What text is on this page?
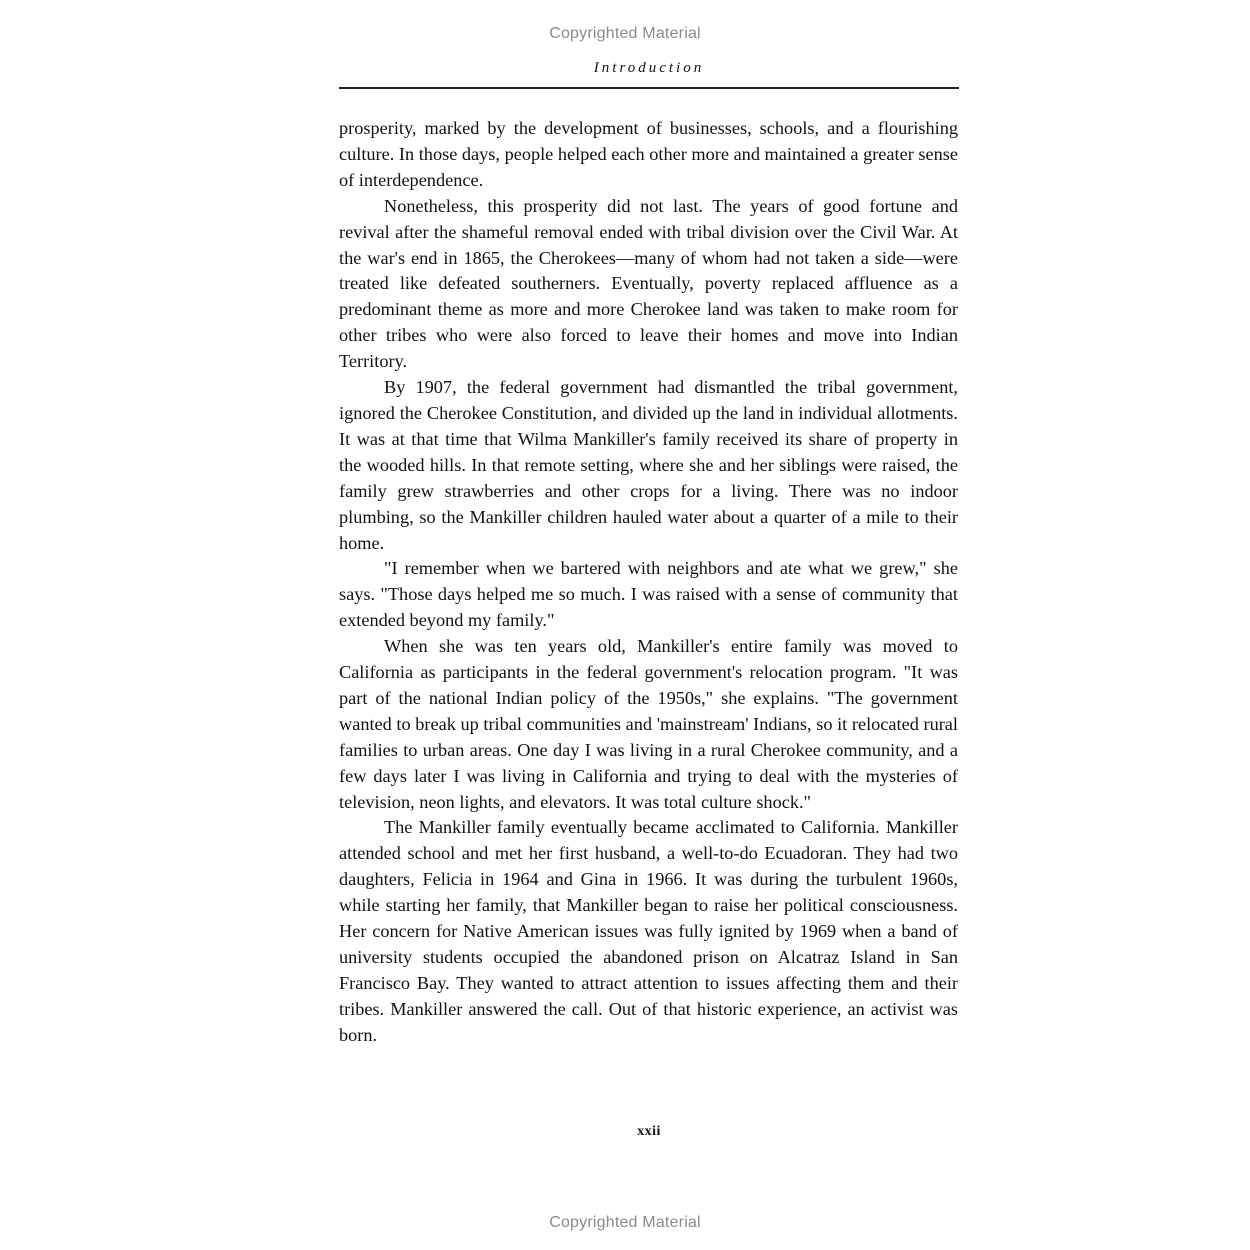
Copyrighted Material
Introduction

prosperity, marked by the development of businesses, schools, and a flourishing culture. In those days, people helped each other more and maintained a greater sense of interdependence.

Nonetheless, this prosperity did not last. The years of good fortune and revival after the shameful removal ended with tribal division over the Civil War. At the war's end in 1865, the Cherokees—many of whom had not taken a side—were treated like defeated southerners. Eventually, poverty replaced affluence as a predominant theme as more and more Cherokee land was taken to make room for other tribes who were also forced to leave their homes and move into Indian Territory.

By 1907, the federal government had dismantled the tribal government, ignored the Cherokee Constitution, and divided up the land in individual allotments. It was at that time that Wilma Mankiller's family received its share of property in the wooded hills. In that remote setting, where she and her siblings were raised, the family grew strawberries and other crops for a living. There was no indoor plumbing, so the Mankiller children hauled water about a quarter of a mile to their home.

"I remember when we bartered with neighbors and ate what we grew," she says. "Those days helped me so much. I was raised with a sense of community that extended beyond my family."

When she was ten years old, Mankiller's entire family was moved to California as participants in the federal government's relocation program. "It was part of the national Indian policy of the 1950s," she explains. "The government wanted to break up tribal communities and 'mainstream' Indians, so it relocated rural families to urban areas. One day I was living in a rural Cherokee community, and a few days later I was living in California and trying to deal with the mysteries of television, neon lights, and elevators. It was total culture shock."

The Mankiller family eventually became acclimated to California. Mankiller attended school and met her first husband, a well-to-do Ecuadoran. They had two daughters, Felicia in 1964 and Gina in 1966. It was during the turbulent 1960s, while starting her family, that Mankiller began to raise her political consciousness. Her concern for Native American issues was fully ignited by 1969 when a band of university students occupied the abandoned prison on Alcatraz Island in San Francisco Bay. They wanted to attract attention to issues affecting them and their tribes. Mankiller answered the call. Out of that historic experience, an activist was born.

xxii
Copyrighted Material
